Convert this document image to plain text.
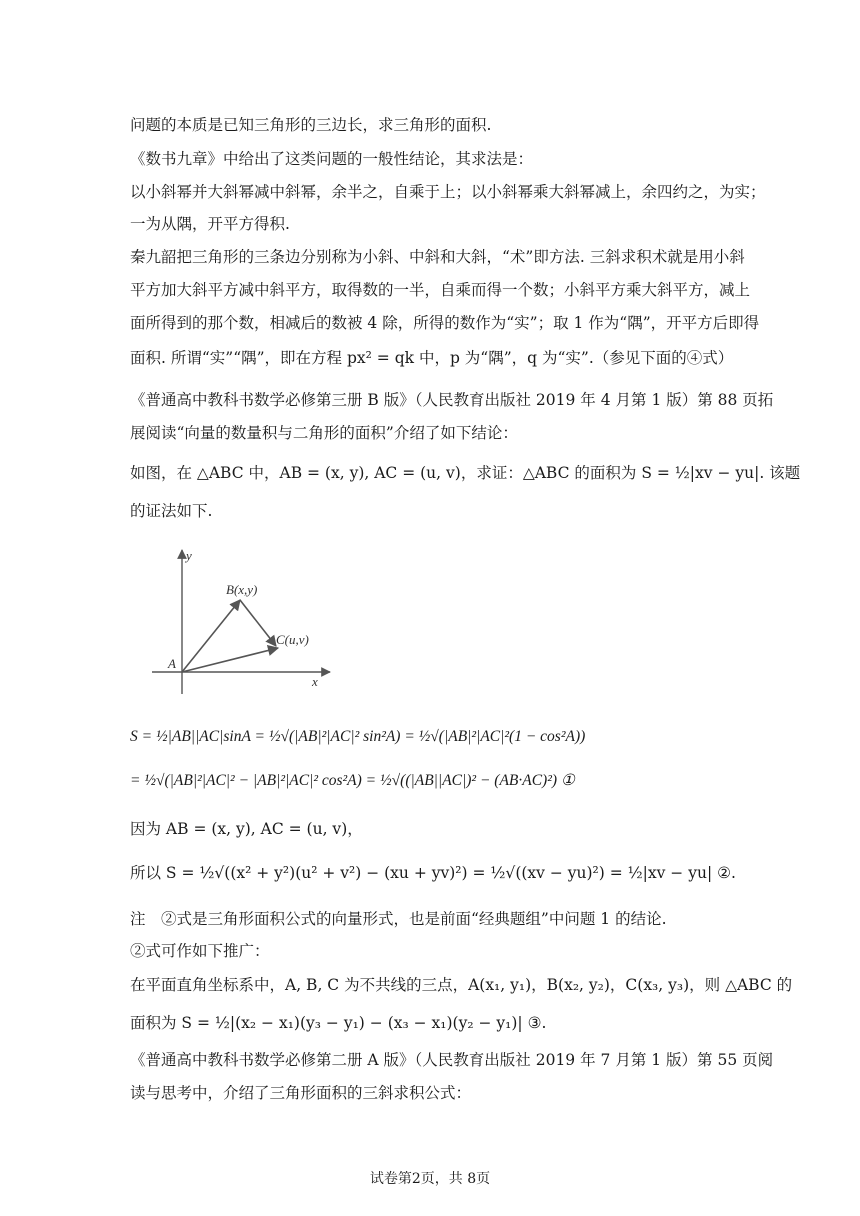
问题的本质是已知三角形的三边长，求三角形的面积.
《数书九章》中给出了这类问题的一般性结论，其求法是：
以小斜幂并大斜幂减中斜幂，余半之，自乘于上；以小斜幂乘大斜幂减上，余四约之，为实；
一为从隅，开平方得积.
秦九韶把三角形的三条边分别称为小斜、中斜和大斜，“术”即方法. 三斜求积术就是用小斜
平方加大斜平方减中斜平方，取得数的一半，自乘而得一个数；小斜平方乘大斜平方，减上
面所得到的那个数，相减后的数被 4 除，所得的数作为“实”；取 1 作为“隅”，开平方后即得
面积. 所谓“实”“隅”，即在方程 px² = qk 中，p 为“隅”，q 为“实”.（参见下面的④式）
《普通高中教科书数学必修第三册 B 版》（人民教育出版社 2019 年 4 月第 1 版）第 88 页拓
展阅读“向量的数量积与二角形的面积”介绍了如下结论：
如图，在 △ABC 中，AB = (x, y), AC = (u, v)，求证：△ABC 的面积为 S = ½|xv − yu|. 该题
的证法如下.
y
x
A
B(x,y)
C(u,v)
S = ½|AB||AC|sinA = ½√(|AB|²|AC|² sin²A) = ½√(|AB|²|AC|²(1 − cos²A))
= ½√(|AB|²|AC|² − |AB|²|AC|² cos²A) = ½√((|AB||AC|)² − (AB·AC)²) ①
因为 AB = (x, y), AC = (u, v)，
所以 S = ½√((x² + y²)(u² + v²) − (xu + yv)²) = ½√((xv − yu)²) = ½|xv − yu| ②.
注　②式是三角形面积公式的向量形式，也是前面“经典题组”中问题 1 的结论.
②式可作如下推广：
在平面直角坐标系中，A, B, C 为不共线的三点，A(x₁, y₁)，B(x₂, y₂)，C(x₃, y₃)，则 △ABC 的
面积为 S = ½|(x₂ − x₁)(y₃ − y₁) − (x₃ − x₁)(y₂ − y₁)| ③.
《普通高中教科书数学必修第二册 A 版》（人民教育出版社 2019 年 7 月第 1 版）第 55 页阅
读与思考中，介绍了三角形面积的三斜求积公式：
试卷第2页，共 8页
